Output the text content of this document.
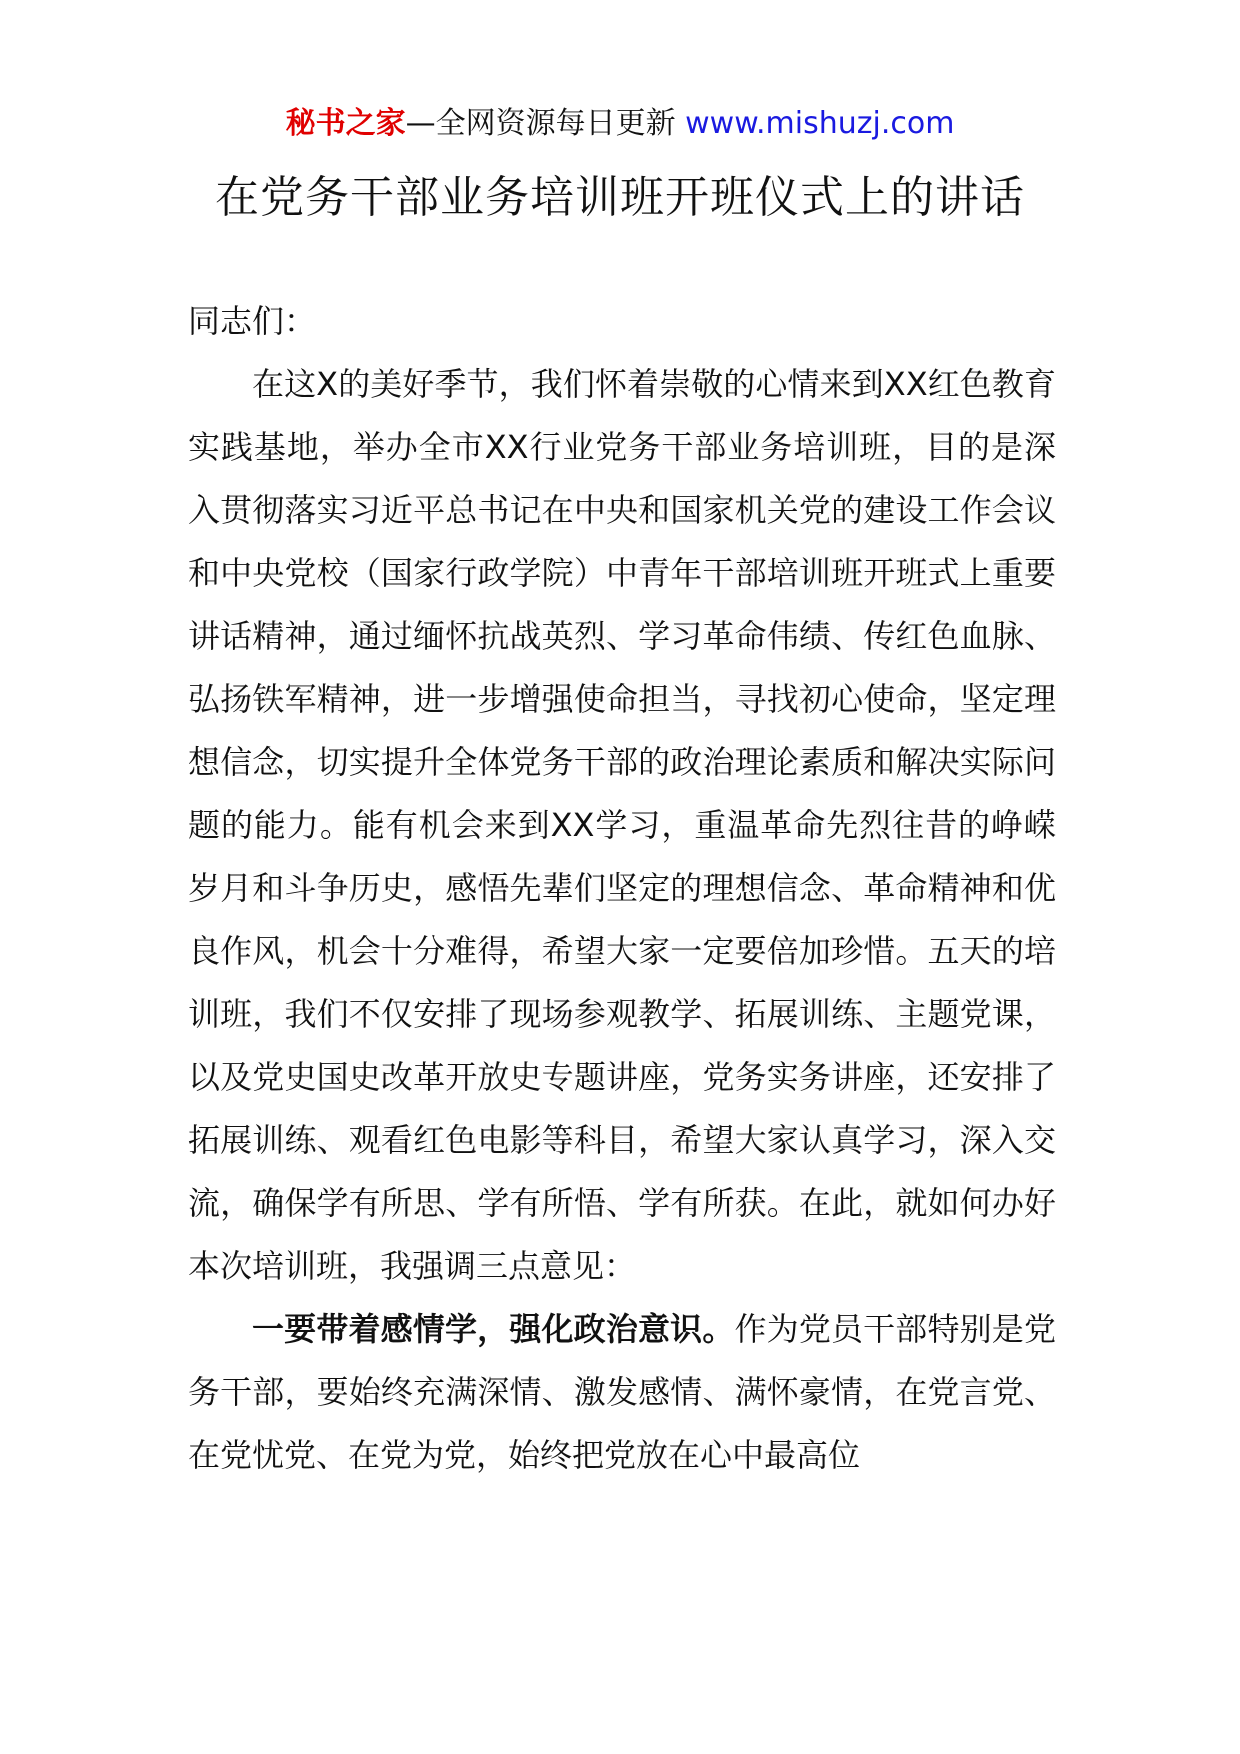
秘书之家—全网资源每日更新 www.mishuzj.com
在党务干部业务培训班开班仪式上的讲话

同志们：

在这X的美好季节，我们怀着崇敬的心情来到XX红色教育实践基地，举办全市XX行业党务干部业务培训班，目的是深入贯彻落实习近平总书记在中央和国家机关党的建设工作会议和中央党校（国家行政学院）中青年干部培训班开班式上重要讲话精神，通过缅怀抗战英烈、学习革命伟绩、传红色血脉、弘扬铁军精神，进一步增强使命担当，寻找初心使命，坚定理想信念，切实提升全体党务干部的政治理论素质和解决实际问题的能力。能有机会来到XX学习，重温革命先烈往昔的峥嵘岁月和斗争历史，感悟先辈们坚定的理想信念、革命精神和优良作风，机会十分难得，希望大家一定要倍加珍惜。五天的培训班，我们不仅安排了现场参观教学、拓展训练、主题党课，以及党史国史改革开放史专题讲座，党务实务讲座，还安排了拓展训练、观看红色电影等科目，希望大家认真学习，深入交流，确保学有所思、学有所悟、学有所获。在此，就如何办好本次培训班，我强调三点意见：

一要带着感情学，强化政治意识。作为党员干部特别是党务干部，要始终充满深情、激发感情、满怀豪情，在党言党、在党忧党、在党为党，始终把党放在心中最高位
